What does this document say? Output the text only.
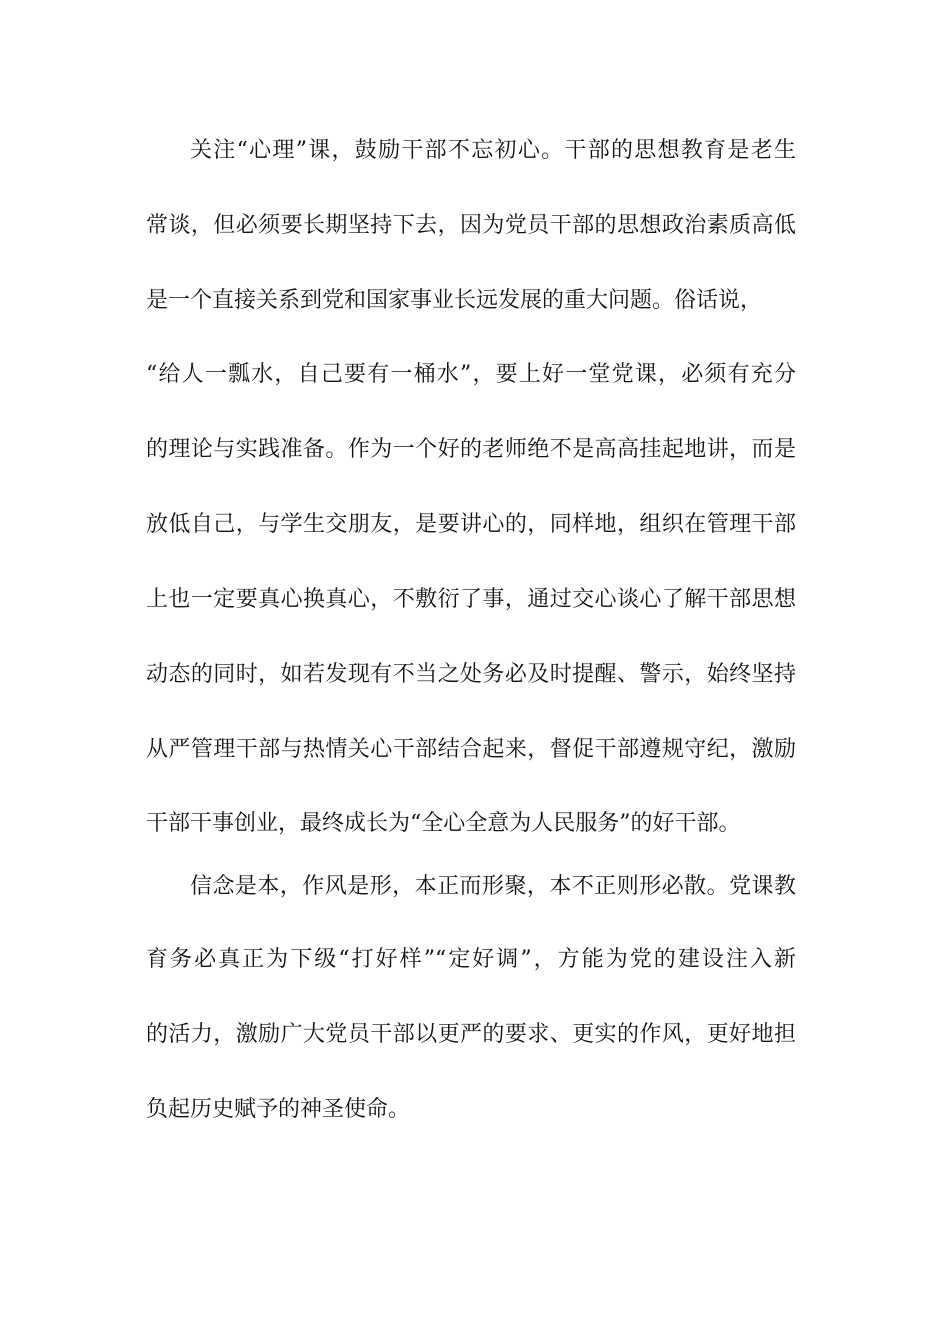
关注“心理”课，鼓励干部不忘初心。干部的思想教育是老生
常谈，但必须要长期坚持下去，因为党员干部的思想政治素质高低
是一个直接关系到党和国家事业长远发展的重大问题。俗话说，
“给人一瓢水，自己要有一桶水”，要上好一堂党课，必须有充分
的理论与实践准备。作为一个好的老师绝不是高高挂起地讲，而是
放低自己，与学生交朋友，是要讲心的，同样地，组织在管理干部
上也一定要真心换真心，不敷衍了事，通过交心谈心了解干部思想
动态的同时，如若发现有不当之处务必及时提醒、警示，始终坚持
从严管理干部与热情关心干部结合起来，督促干部遵规守纪，激励
干部干事创业，最终成长为“全心全意为人民服务”的好干部。
信念是本，作风是形，本正而形聚，本不正则形必散。党课教
育务必真正为下级“打好样”“定好调”，方能为党的建设注入新
的活力，激励广大党员干部以更严的要求、更实的作风，更好地担
负起历史赋予的神圣使命。
